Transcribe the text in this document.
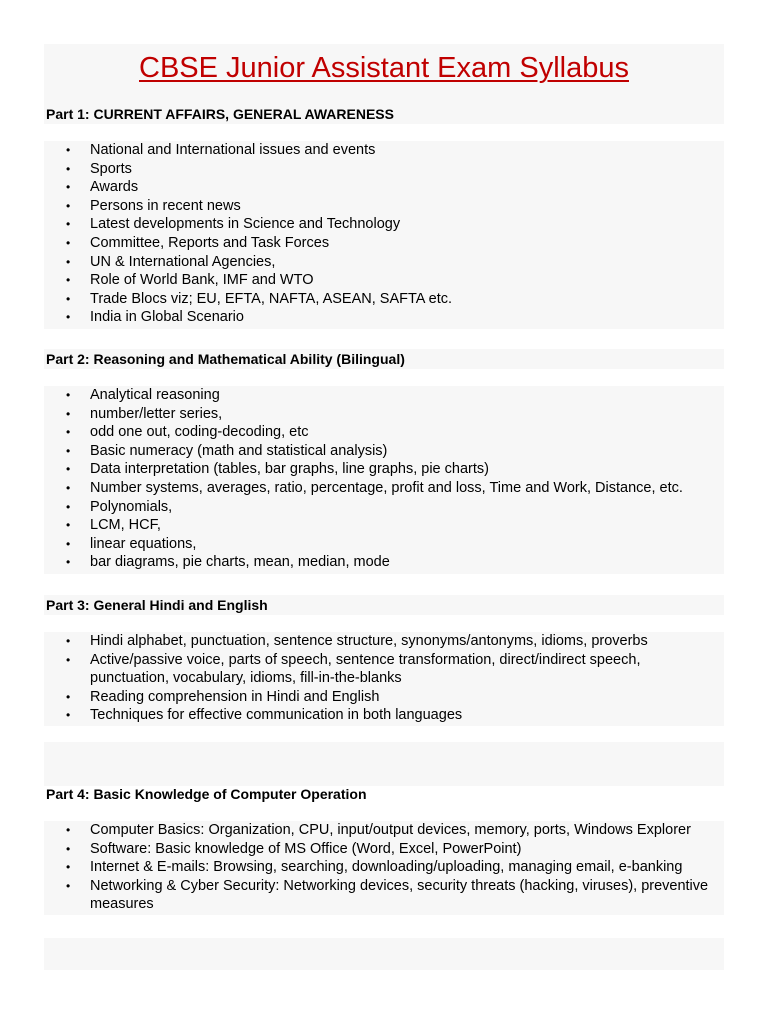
CBSE Junior Assistant Exam Syllabus
Part 1: CURRENT AFFAIRS, GENERAL AWARENESS
• National and International issues and events
• Sports
• Awards
• Persons in recent news
• Latest developments in Science and Technology
• Committee, Reports and Task Forces
• UN & International Agencies,
• Role of World Bank, IMF and WTO
• Trade Blocs viz; EU, EFTA, NAFTA, ASEAN, SAFTA etc.
• India in Global Scenario
Part 2: Reasoning and Mathematical Ability (Bilingual)
• Analytical reasoning
• number/letter series,
• odd one out, coding-decoding, etc
• Basic numeracy (math and statistical analysis)
• Data interpretation (tables, bar graphs, line graphs, pie charts)
• Number systems, averages, ratio, percentage, profit and loss, Time and Work, Distance, etc.
• Polynomials,
• LCM, HCF,
• linear equations,
• bar diagrams, pie charts, mean, median, mode
Part 3: General Hindi and English
• Hindi alphabet, punctuation, sentence structure, synonyms/antonyms, idioms, proverbs
• Active/passive voice, parts of speech, sentence transformation, direct/indirect speech, punctuation, vocabulary, idioms, fill-in-the-blanks
• Reading comprehension in Hindi and English
• Techniques for effective communication in both languages
Part 4: Basic Knowledge of Computer Operation
• Computer Basics: Organization, CPU, input/output devices, memory, ports, Windows Explorer
• Software: Basic knowledge of MS Office (Word, Excel, PowerPoint)
• Internet & E-mails: Browsing, searching, downloading/uploading, managing email, e-banking
• Networking & Cyber Security: Networking devices, security threats (hacking, viruses), preventive measures
